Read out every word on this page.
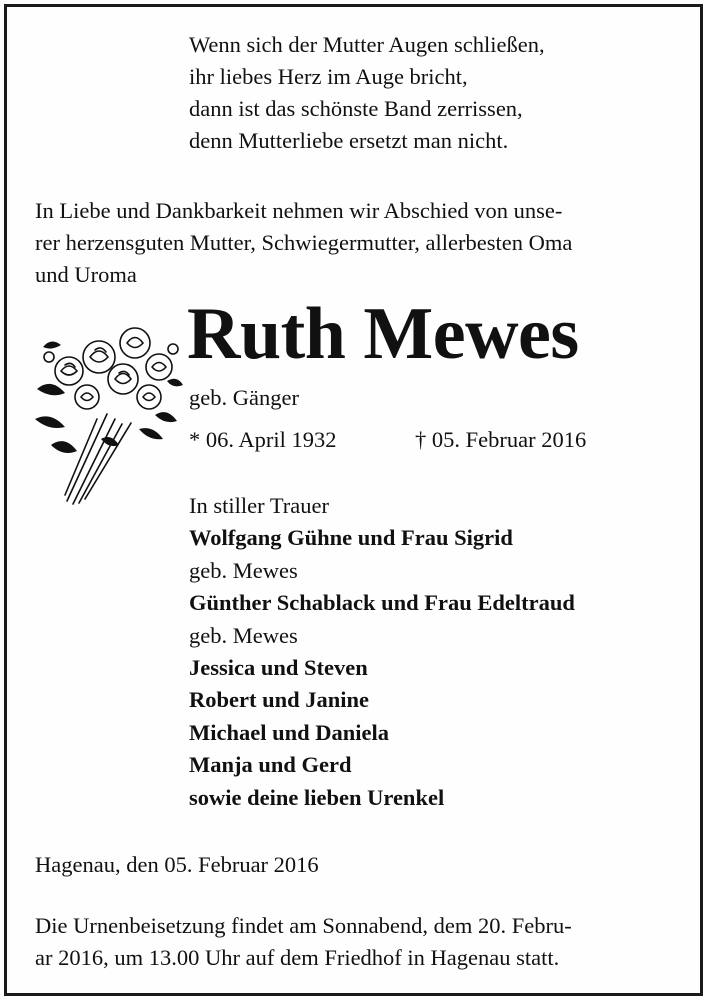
Wenn sich der Mutter Augen schließen,
ihr liebes Herz im Auge bricht,
dann ist das schönste Band zerrissen,
denn Mutterliebe ersetzt man nicht.
In Liebe und Dankbarkeit nehmen wir Abschied von unse-
rer herzensguten Mutter, Schwiegermutter, allerbesten Oma
und Uroma
Ruth Mewes
geb. Gänger
* 06. April 1932	† 05. Februar 2016
In stiller Trauer
Wolfgang Gühne und Frau Sigrid
geb. Mewes
Günther Schablack und Frau Edeltraud
geb. Mewes
Jessica und Steven
Robert und Janine
Michael und Daniela
Manja und Gerd
sowie deine lieben Urenkel
Hagenau, den 05. Februar 2016
Die Urnenbeisetzung findet am Sonnabend, dem 20. Febru-
ar 2016, um 13.00 Uhr auf dem Friedhof in Hagenau statt.
